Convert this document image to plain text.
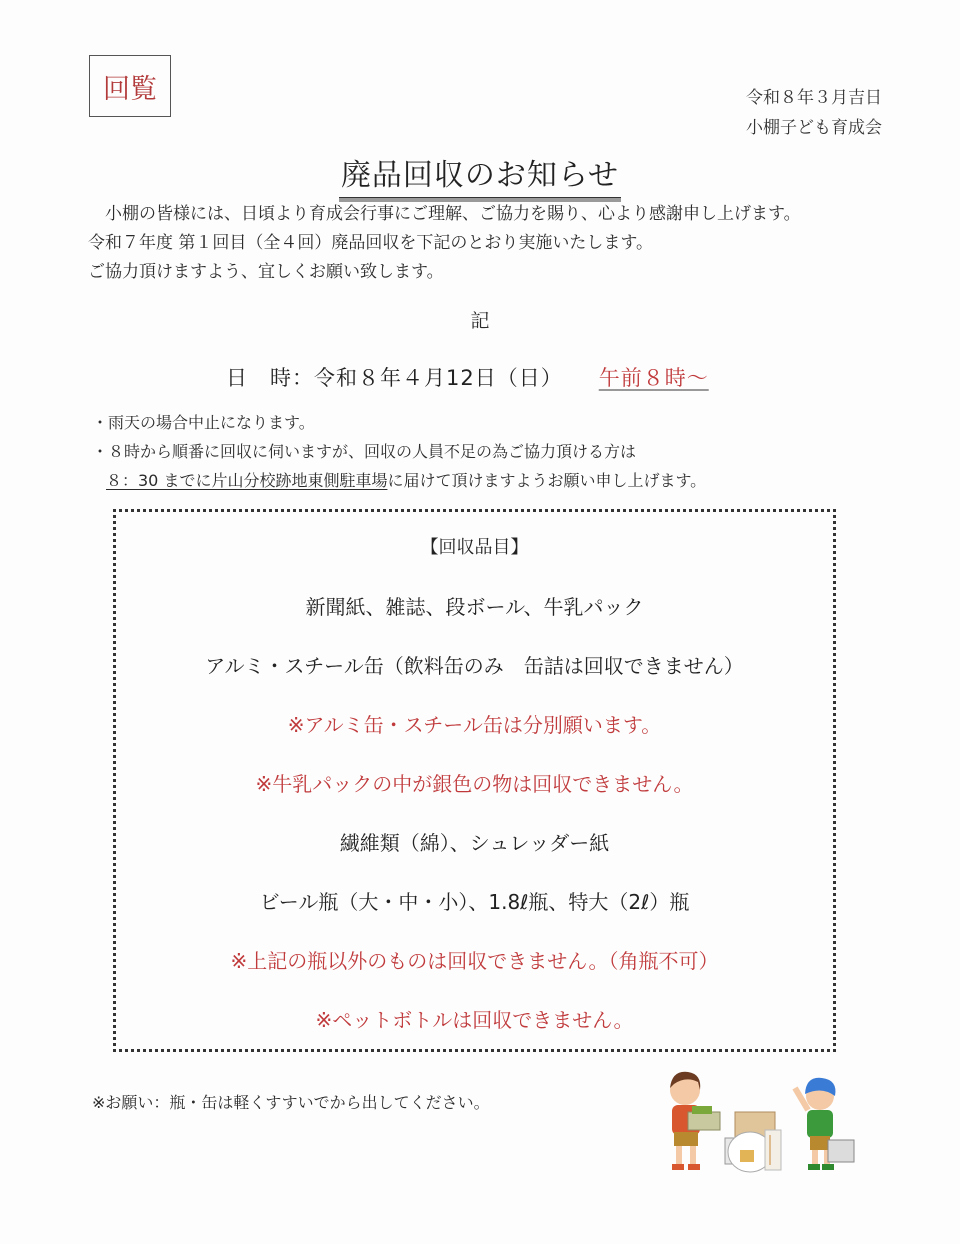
回覧	令和８年３月吉日
小棚子ども育成会
廃品回収のお知らせ

小棚の皆様には、日頃より育成会行事にご理解、ご協力を賜り、心より感謝申し上げます。

令和７年度 第１回目（全４回）廃品回収を下記のとおり実施いたします。

ご協力頂けますよう、宜しくお願い致します。

記
日　時：令和８年４月12日（日） 午前８時～

・雨天の場合中止になります。

・８時から順番に回収に伺いますが、回収の人員不足の為ご協力頂ける方は

８：30 までに片山分校跡地東側駐車場に届けて頂けますようお願い申し上げます。

【回収品目】

新聞紙、雑誌、段ボール、牛乳パック

アルミ・スチール缶（飲料缶のみ　缶詰は回収できません）

※アルミ缶・スチール缶は分別願います。

※牛乳パックの中が銀色の物は回収できません。

繊維類（綿）、シュレッダー紙

ビール瓶（大・中・小）、1.8ℓ瓶、特大（2ℓ）瓶

※上記の瓶以外のものは回収できません。（角瓶不可）

※ペットボトルは回収できません。

※お願い：瓶・缶は軽くすすいでから出してください。
